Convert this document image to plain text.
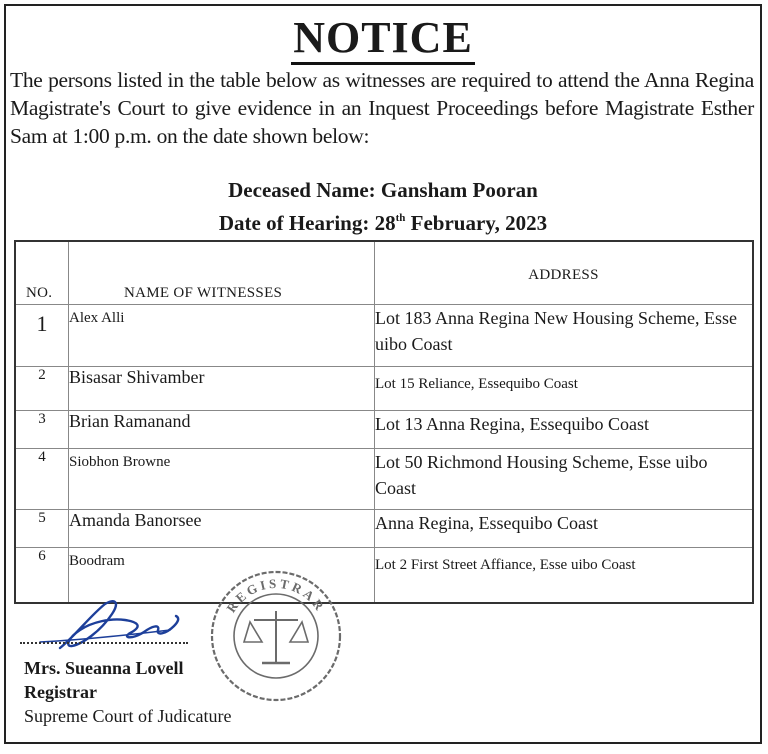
NOTICE
The persons listed in the table below as witnesses are required to attend the Anna Regina Magistrate's Court to give evidence in an Inquest Proceedings before Magistrate Esther Sam at 1:00 p.m. on the date shown below:
Deceased Name: Gansham Pooran
Date of Hearing: 28th February, 2023
NO.	NAME OF WITNESSES	ADDRESS

1	Alex Alli	Lot 183 Anna Regina New Housing Scheme, Esse uibo Coast
2	Bisasar Shivamber	Lot 15 Reliance, Essequibo Coast
3	Brian Ramanand	Lot 13 Anna Regina, Essequibo Coast
4	Siobhon Browne	Lot 50 Richmond Housing Scheme, Esse uibo Coast
5	Amanda Banorsee	Anna Regina, Essequibo Coast
6	Boodram	Lot 2 First Street Affiance, Esse uibo Coast
Mrs. Sueanna Lovell
Registrar
Supreme Court of Judicature
REGISTRAR
